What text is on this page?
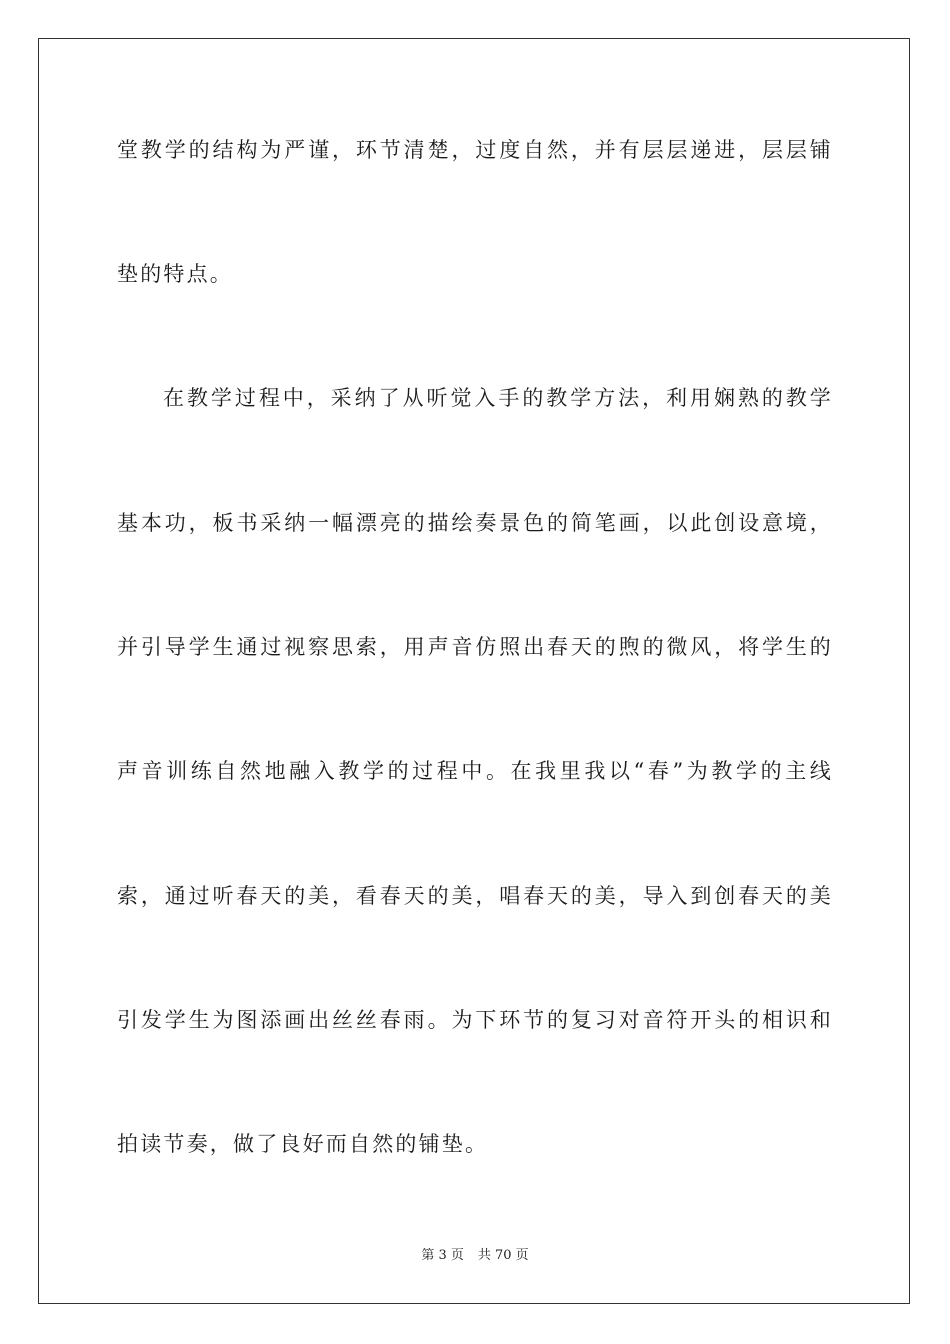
堂教学的结构为严谨，环节清楚，过度自然，并有层层递进，层层铺
垫的特点。
在教学过程中，采纳了从听觉入手的教学方法，利用娴熟的教学
基本功，板书采纳一幅漂亮的描绘奏景色的简笔画，以此创设意境，
并引导学生通过视察思索，用声音仿照出春天的煦的微风，将学生的
声音训练自然地融入教学的过程中。在我里我以“春”为教学的主线
索，通过听春天的美，看春天的美，唱春天的美，导入到创春天的美
引发学生为图添画出丝丝春雨。为下环节的复习对音符开头的相识和
拍读节奏，做了良好而自然的铺垫。
第 3 页 共 70 页
